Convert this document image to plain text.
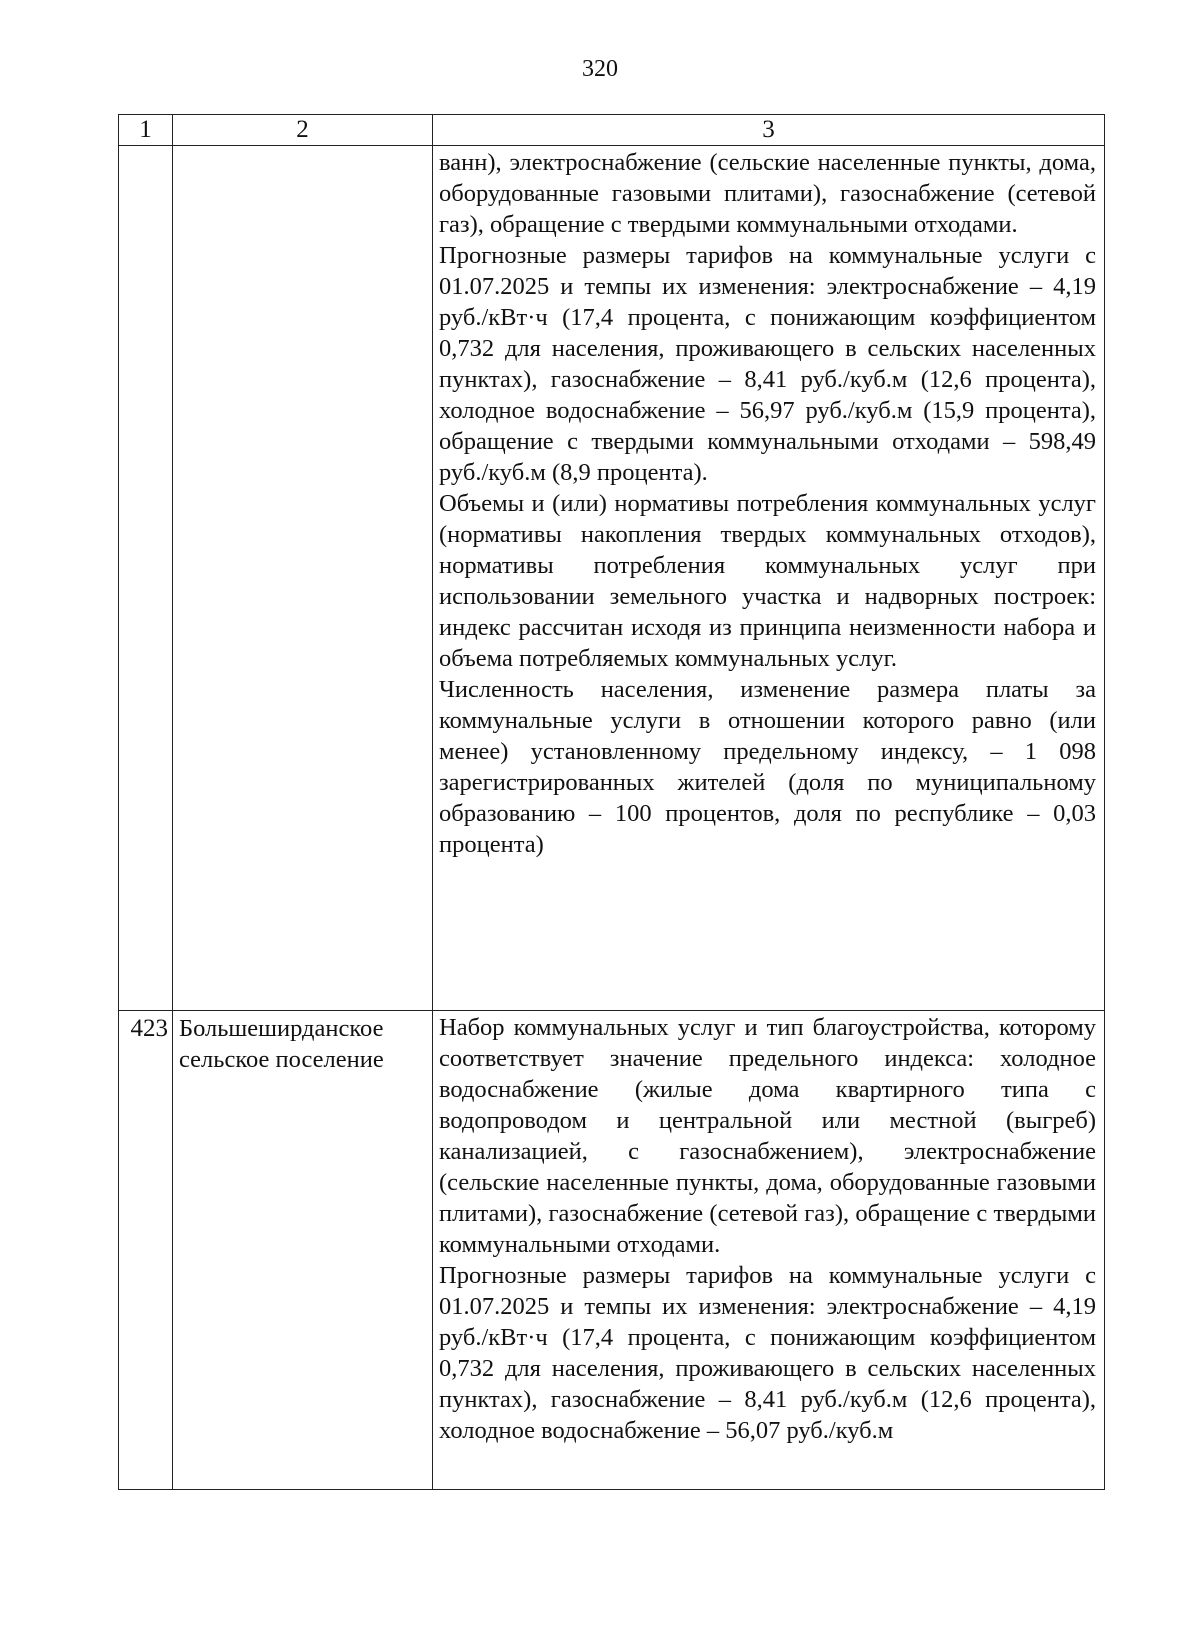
320
1	2	3

		ванн), электроснабжение (сельские населенные пункты, дома, оборудованные газовыми плитами), газоснабжение (сетевой газ), обращение с твердыми коммунальными отходами.

Прогнозные размеры тарифов на коммунальные услуги с 01.07.2025 и темпы их изменения: электроснабжение – 4,19 руб./кВт·ч (17,4 процента, с понижающим коэффициентом 0,732 для населения, проживающего в сельских населенных пунктах), газоснабжение – 8,41 руб./куб.м (12,6 процента), холодное водоснабжение – 56,97 руб./куб.м (15,9 процента), обращение с твердыми коммунальными отходами – 598,49 руб./куб.м (8,9 процента).

Объемы и (или) нормативы потребления коммунальных услуг (нормативы накопления твердых коммунальных отходов), нормативы потребления коммунальных услуг при использовании земельного участка и надворных построек: индекс рассчитан исходя из принципа неизменности набора и объема потребляемых коммунальных услуг.

Численность населения, изменение размера платы за коммунальные услуги в отношении которого равно (или менее) установленному предельному индексу, – 1 098 зарегистрированных жителей (доля по муниципальному образованию – 100 процентов, доля по республике – 0,03 процента)

423	Большеширданское сельское поселение	Набор коммунальных услуг и тип благоустройства, которому соответствует значение предельного индекса: холодное водоснабжение (жилые дома квартирного типа с водопроводом и центральной или местной (выгреб) канализацией, с газоснабжением), электроснабжение (сельские населенные пункты, дома, оборудованные газовыми плитами), газоснабжение (сетевой газ), обращение с твердыми коммунальными отходами.

Прогнозные размеры тарифов на коммунальные услуги с 01.07.2025 и темпы их изменения: электроснабжение – 4,19 руб./кВт·ч (17,4 процента, с понижающим коэффициентом 0,732 для населения, проживающего в сельских населенных пунктах), газоснабжение – 8,41 руб./куб.м (12,6 процента), холодное водоснабжение – 56,07 руб./куб.м
